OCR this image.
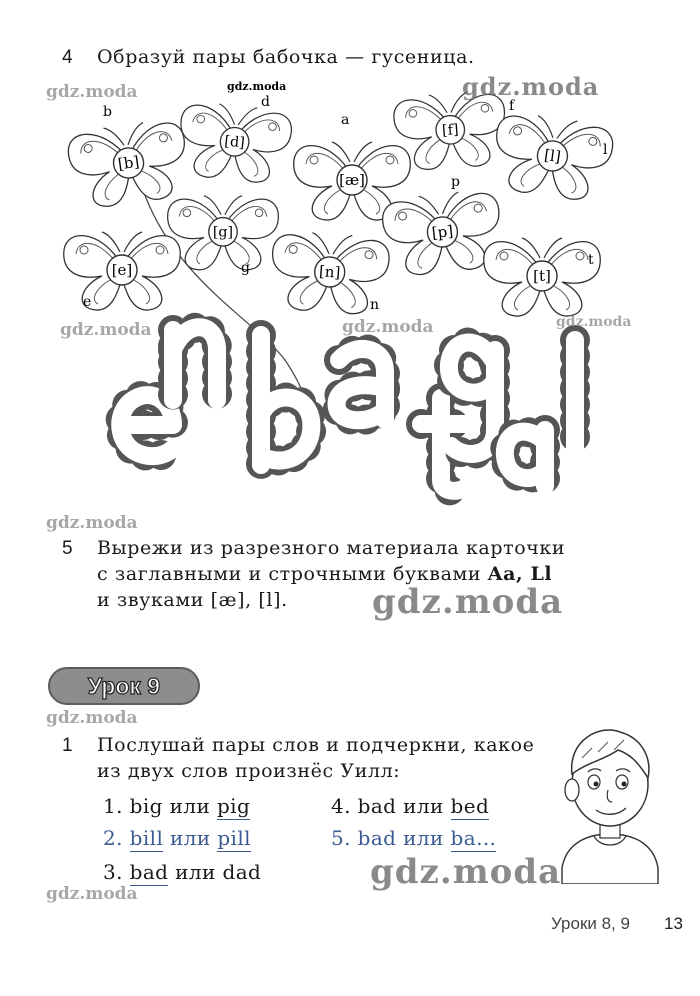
4 Образуй пары бабочка — гусеница.
[b]
b
[d]
d
[æ]
a
[f]
f
[l]	l
[g]
g
[p]
p
[e]
e
[n]
n
[t]
t
gdz.moda
gdz.moda	gdz.moda
gdz.moda	gdz.moda	gdz.moda
gdz.moda
gdz.moda
gdz.moda
gdz.moda
gdz.moda
5 Вырежи из разрезного материала карточки
с заглавными и строчными буквами Aa, Ll
и звуками [æ], [l].
Урок 9
1 Послушай пары слов и подчеркни, какое
из двух слов произнёс Уилл:
1. big или pig
2. bill или pill
3. bad или dad
4. bad или bed
5. bad или ba…
Уроки 8, 9 13
